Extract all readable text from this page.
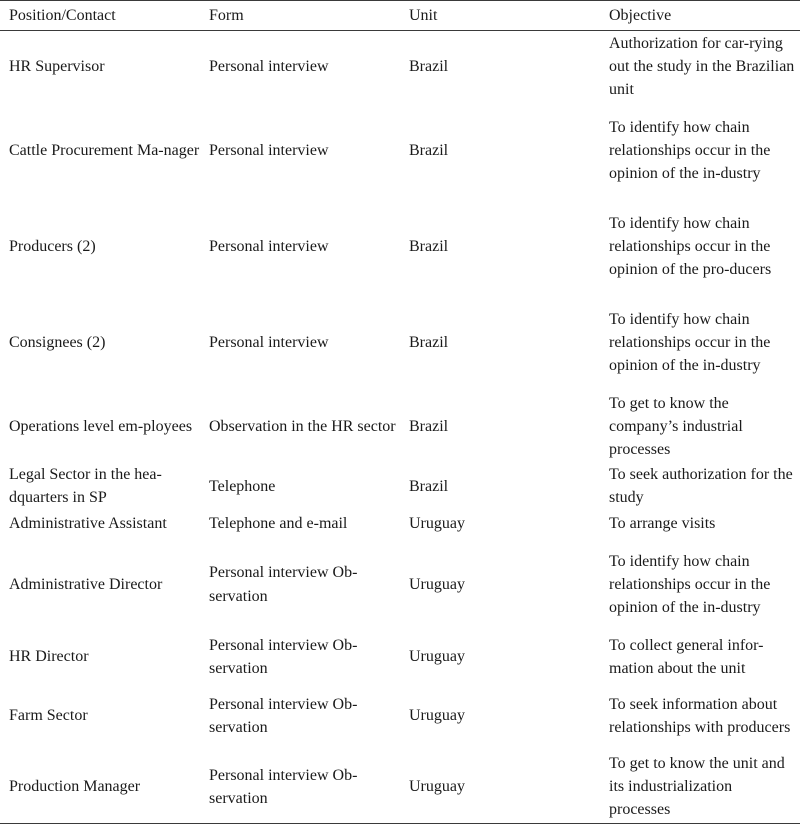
Position/Contact	Form	Unit	Objective
HR Supervisor	Personal interview	Brazil	Authorization for car-rying out the study in the Brazilian unit
Cattle Procurement Ma-nager	Personal interview	Brazil	To identify how chain relationships occur in the opinion of the in-dustry
Producers (2)	Personal interview	Brazil	To identify how chain relationships occur in the opinion of the pro-ducers
Consignees (2)	Personal interview	Brazil	To identify how chain relationships occur in the opinion of the in-dustry
Operations level em-ployees	Observation in the HR sector	Brazil	To get to know the company’s industrial processes
Legal Sector in the hea-dquarters in SP	Telephone	Brazil	To seek authorization for the study
Administrative Assistant	Telephone and e-mail	Uruguay	To arrange visits
Administrative Director	Personal interview Ob-servation	Uruguay	To identify how chain relationships occur in the opinion of the in-dustry
HR Director	Personal interview Ob-servation	Uruguay	To collect general infor-mation about the unit
Farm Sector	Personal interview Ob-servation	Uruguay	To seek information about relationships with producers
Production Manager	Personal interview Ob-servation	Uruguay	To get to know the unit and its industrialization processes
